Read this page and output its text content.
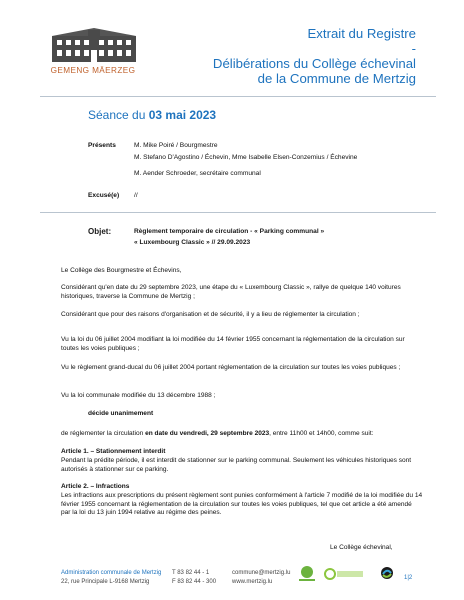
GEMENG MÄERZEG
Extrait du Registre
-
Délibérations du Collège échevinal
de la Commune de Mertzig
Séance du 03 mai 2023
Présents	M. Mike Poiré / Bourgmestre
M. Stefano D'Agostino / Échevin, Mme Isabelle Elsen-Conzemius / Échevine
M. Aender Schroeder, secrétaire communal
Excusé(e) //
Objet:	Règlement temporaire de circulation - « Parking communal »
« Luxembourg Classic » // 29.09.2023
Le Collège des Bourgmestre et Échevins,
Considérant qu'en date du 29 septembre 2023, une étape du « Luxembourg Classic », rallye de quelque 140 voitures historiques, traverse la Commune de Mertzig ;
Considérant que pour des raisons d'organisation et de sécurité, il y a lieu de réglementer la circulation ;
Vu la loi du 06 juillet 2004 modifiant la loi modifiée du 14 février 1955 concernant la réglementation de la circulation sur toutes les voies publiques ;
Vu le règlement grand-ducal du 06 juillet 2004 portant réglementation de la circulation sur toutes les voies publiques ;
Vu la loi communale modifiée du 13 décembre 1988 ;
décide unanimement
de réglementer la circulation en date du vendredi, 29 septembre 2023, entre 11h00 et 14h00, comme suit:
Article 1. – Stationnement interdit
Pendant la prédite période, il est interdit de stationner sur le parking communal. Seulement les véhicules historiques sont autorisés à stationner sur ce parking.
Article 2. – Infractions
Les infractions aux prescriptions du présent règlement sont punies conformément à l'article 7 modifié de la loi modifiée du 14 février 1955 concernant la réglementation de la circulation sur toutes les voies publiques, tel que cet article a été amendé par la loi du 13 juin 1994 relative au régime des peines.
Le Collège échevinal,
Administration communale de Mertzig
22, rue Principale L-9168 Mertzig
T 83 82 44 - 1
F 83 82 44 - 300
commune@mertzig.lu
www.mertzig.lu
1|2
